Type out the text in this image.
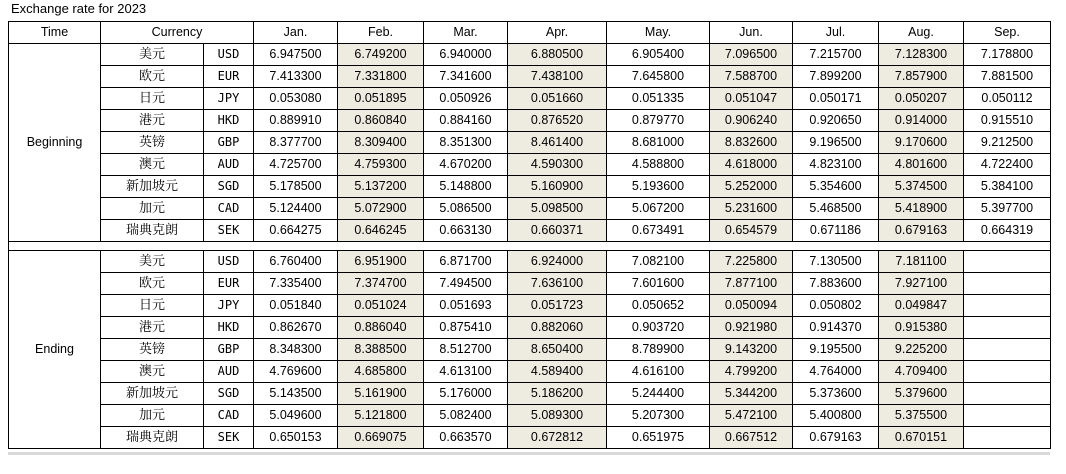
Exchange rate for 2023
Time	Currency		Jan.	Feb.	Mar.	Apr.	May.	Jun.	Jul.	Aug.	Sep.
Beginning	美元	USD	6.947500	6.749200	6.940000	6.880500	6.905400	7.096500	7.215700	7.128300	7.178800
	欧元	EUR	7.413300	7.331800	7.341600	7.438100	7.645800	7.588700	7.899200	7.857900	7.881500
	日元	JPY	0.053080	0.051895	0.050926	0.051660	0.051335	0.051047	0.050171	0.050207	0.050112
	港元	HKD	0.889910	0.860840	0.884160	0.876520	0.879770	0.906240	0.920650	0.914000	0.915510
	英镑	GBP	8.377700	8.309400	8.351300	8.461400	8.681000	8.832600	9.196500	9.170600	9.212500
	澳元	AUD	4.725700	4.759300	4.670200	4.590300	4.588800	4.618000	4.823100	4.801600	4.722400
	新加坡元	SGD	5.178500	5.137200	5.148800	5.160900	5.193600	5.252000	5.354600	5.374500	5.384100
	加元	CAD	5.124400	5.072900	5.086500	5.098500	5.067200	5.231600	5.468500	5.418900	5.397700
	瑞典克朗	SEK	0.664275	0.646245	0.663130	0.660371	0.673491	0.654579	0.671186	0.679163	0.664319

Ending	美元	USD	6.760400	6.951900	6.871700	6.924000	7.082100	7.225800	7.130500	7.181100	
	欧元	EUR	7.335400	7.374700	7.494500	7.636100	7.601600	7.877100	7.883600	7.927100	
	日元	JPY	0.051840	0.051024	0.051693	0.051723	0.050652	0.050094	0.050802	0.049847	
	港元	HKD	0.862670	0.886040	0.875410	0.882060	0.903720	0.921980	0.914370	0.915380	
	英镑	GBP	8.348300	8.388500	8.512700	8.650400	8.789900	9.143200	9.195500	9.225200	
	澳元	AUD	4.769600	4.685800	4.613100	4.589400	4.616100	4.799200	4.764000	4.709400	
	新加坡元	SGD	5.143500	5.161900	5.176000	5.186200	5.244400	5.344200	5.373600	5.379600	
	加元	CAD	5.049600	5.121800	5.082400	5.089300	5.207300	5.472100	5.400800	5.375500	
	瑞典克朗	SEK	0.650153	0.669075	0.663570	0.672812	0.651975	0.667512	0.679163	0.670151	
